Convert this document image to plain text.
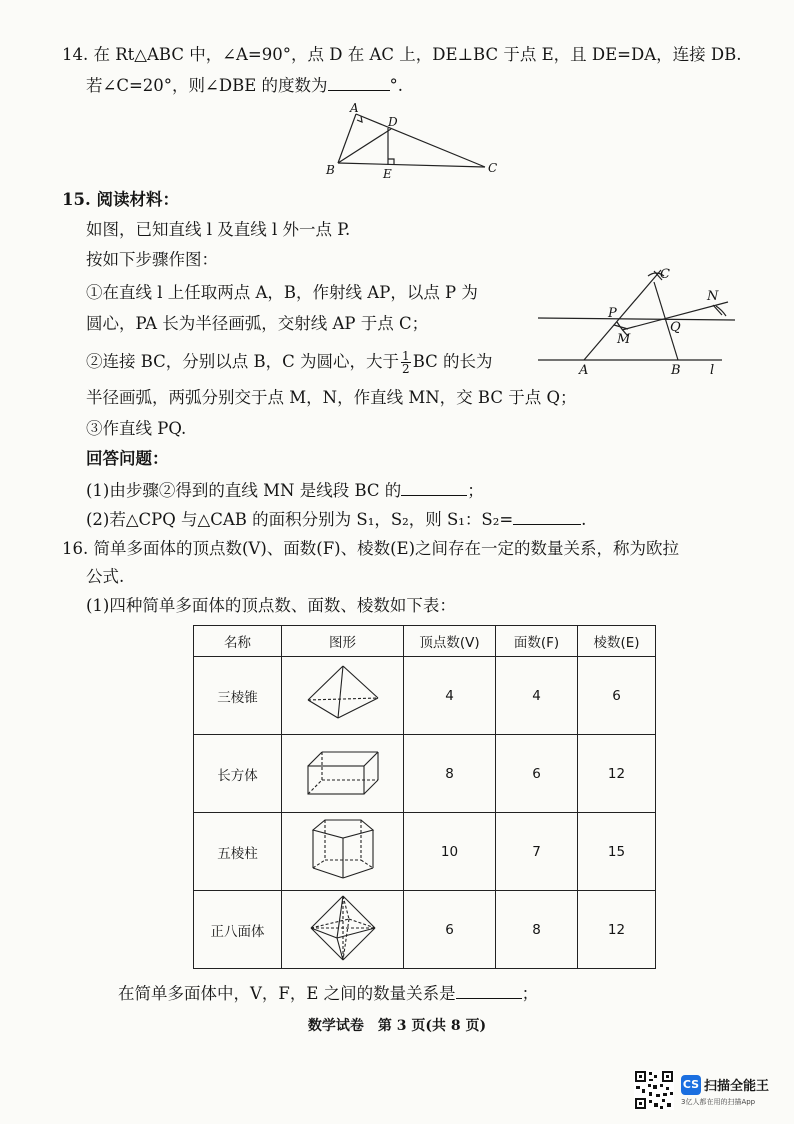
14. 在 Rt△ABC 中，∠A=90°，点 D 在 AC 上，DE⊥BC 于点 E，且 DE=DA，连接 DB.
若∠C=20°，则∠DBE 的度数为	°.
A
D
B	E	C
15. 阅读材料：
如图，已知直线 l 及直线 l 外一点 P.
按如下步骤作图：
①在直线 l 上任取两点 A，B，作射线 AP，以点 P 为
圆心，PA 长为半径画弧，交射线 AP 于点 C；
②连接 BC，分别以点 B，C 为圆心，大于 $\frac{1}{2}$ BC 的长为
半径画弧，两弧分别交于点 M，N，作直线 MN，交 BC 于点 Q；
③作直线 PQ.
回答问题：
(1)由步骤②得到的直线 MN 是线段 BC 的	；
(2)若△CPQ 与△CAB 的面积分别为 S₁，S₂，则 S₁：S₂=	.
C
P
N
Q
M
A	B l
16. 简单多面体的顶点数(V)、面数(F)、棱数(E)之间存在一定的数量关系，称为欧拉
公式.
(1)四种简单多面体的顶点数、面数、棱数如下表：
名称	图形	顶点数(V)	面数(F)	棱数(E)
三棱锥		4	4	6
长方体		8	6	12
五棱柱		10	7	15
正八面体		6	8	12
在简单多面体中，V，F，E 之间的数量关系是	；
数学试卷　第 3 页(共 8 页)
CS 扫描全能王
3亿人都在用的扫描App
